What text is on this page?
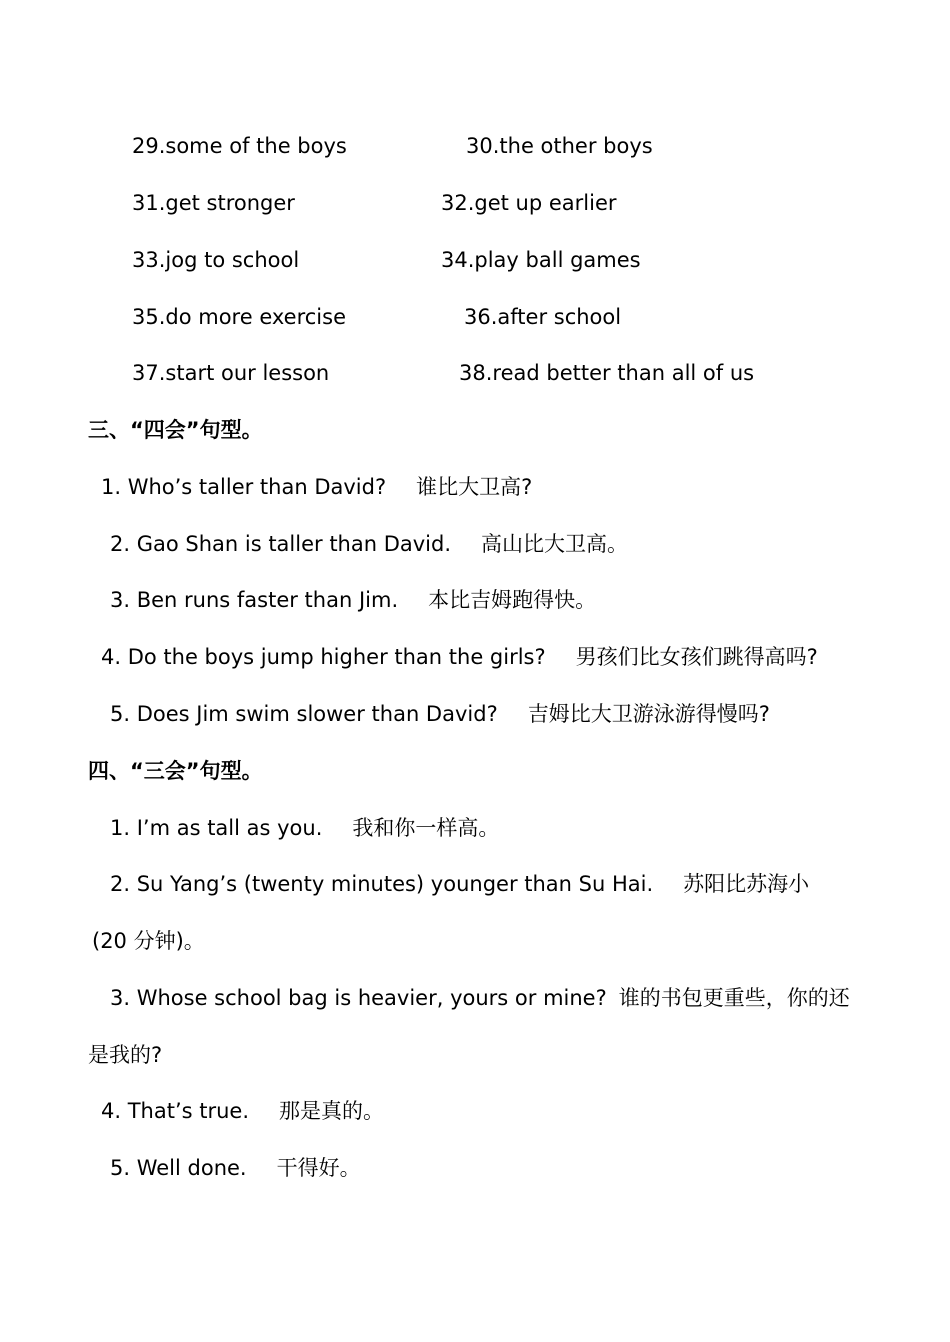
29.some of the boys	30.the other boys
31.get stronger	32.get up earlier
33.jog to school	34.play ball games
35.do more exercise	36.after school
37.start our lesson	38.read better than all of us
三、“四会”句型。
1. Who’s taller than David? 谁比大卫高?
2. Gao Shan is taller than David. 高山比大卫高。
3. Ben runs faster than Jim. 本比吉姆跑得快。
4. Do the boys jump higher than the girls? 男孩们比女孩们跳得高吗?
5. Does Jim swim slower than David? 吉姆比大卫游泳游得慢吗?
四、“三会”句型。
1. I’m as tall as you. 我和你一样高。
2. Su Yang’s (twenty minutes) younger than Su Hai. 苏阳比苏海小
(20 分钟)。
3. Whose school bag is heavier, yours or mine? 谁的书包更重些，你的还
是我的?
4. That’s true. 那是真的。
5. Well done. 干得好。
